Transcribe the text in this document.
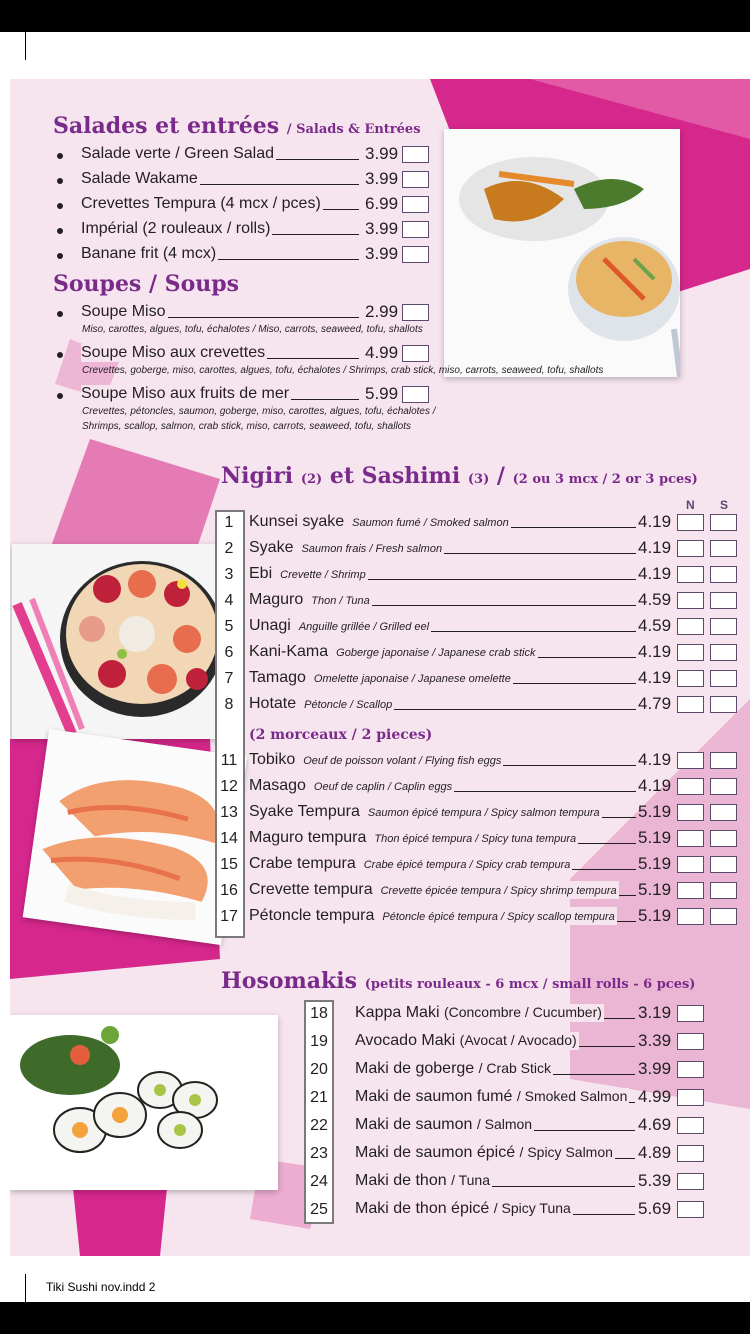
Salades et entrées / Salads & Entrées
Salade verte / Green Salad	3.99
Salade Wakame	3.99
Crevettes Tempura (4 mcx / pces)	6.99
Impérial (2 rouleaux / rolls)	3.99
Banane frit (4 mcx)	3.99
Soupes / Soups
Soupe Miso	2.99
Miso, carottes, algues, tofu, échalotes / Miso, carrots, seaweed, tofu, shallots
Soupe Miso aux crevettes	4.99
Crevettes, goberge, miso, carottes, algues, tofu, échalotes / Shrimps, crab stick, miso, carrots, seaweed, tofu, shallots
Soupe Miso aux fruits de mer	5.99
Crevettes, pétoncles, saumon, goberge, miso, carottes, algues, tofu, échalotes /
Shrimps, scallop, salmon, crab stick, miso, carrots, seaweed, tofu, shallots
Nigiri (2) et Sashimi (3) / (2 ou 3 mcx / 2 or 3 pces)
N S
1 Kunsei syake Saumon fumé / Smoked salmon	4.19
2 Syake Saumon frais / Fresh salmon	4.19
3 Ebi Crevette / Shrimp	4.19
4 Maguro Thon / Tuna	4.59
5 Unagi Anguille grillée / Grilled eel	4.59
6 Kani-Kama Goberge japonaise / Japanese crab stick	4.19
7 Tamago Omelette japonaise / Japanese omelette	4.19
8 Hotate Pétoncle / Scallop	4.79
11 Tobiko Oeuf de poisson volant / Flying fish eggs	4.19
12 Masago Oeuf de caplin / Caplin eggs	4.19
13 Syake Tempura Saumon épicé tempura / Spicy salmon tempura 5.19
14 Maguro tempura Thon épicé tempura / Spicy tuna tempura	5.19
15 Crabe tempura Crabe épicé tempura / Spicy crab tempura	5.19
16 Crevette tempura Crevette épicée tempura / Spicy shrimp tempura 5.19
17 Pétoncle tempura Pétoncle épicé tempura / Spicy scallop tempura 5.19
(2 morceaux / 2 pieces)
Hosomakis (petits rouleaux - 6 mcx / small rolls - 6 pces)
18 Kappa Maki (Concombre / Cucumber) 3.19
19 Avocado Maki (Avocat / Avocado)	3.39
20 Maki de goberge / Crab Stick	3.99
21 Maki de saumon fumé / Smoked Salmon 4.99
22 Maki de saumon / Salmon	4.69
23 Maki de saumon épicé / Spicy Salmon 4.89
24 Maki de thon / Tuna	5.39
25 Maki de thon épicé / Spicy Tuna	5.69
Tiki Sushi nov.indd 2
